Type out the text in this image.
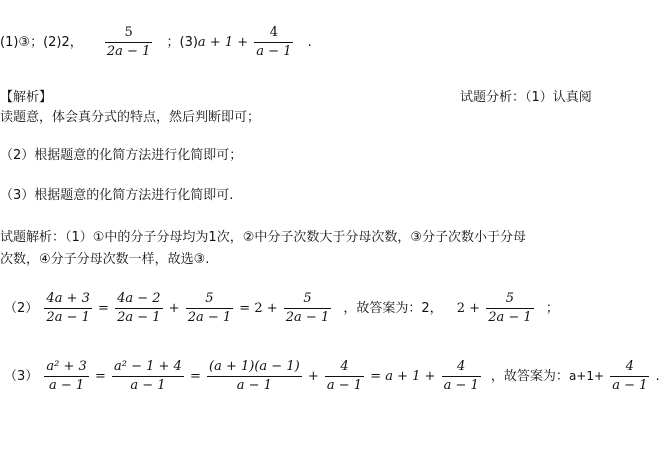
(1)③；(2)2， $\frac{5}{2a - 1}$ ；$(3)a + 1 + \frac{4}{a - 1}$ .
【解析】	试题分析：（1）认真阅
读题意，体会真分式的特点，然后判断即可；
（2）根据题意的化简方法进行化简即可；
（3）根据题意的化简方法进行化简即可.
试题解析：（1）①中的分子分母均为1次，②中分子次数大于分母次数，③分子次数小于分母
次数，④分子分母次数一样，故选③.
$(2) \frac{4a + 3}{2a - 1} = \frac{4a - 2}{2a - 1} + \frac{5}{2a - 1} = 2 + \frac{5}{2a - 1}$ ，故答案为：2， $2 + \frac{5}{2a - 1}$ ；
$(3) \frac{\text{a² + 3}}{a - 1} = \frac{\text{a² − 1 + 4}}{a - 1} = \frac{(a + 1)(a - 1)}{a - 1} + \frac{4}{a - 1} = a + 1 + \frac{4}{a - 1}$ ，故答案为：$a+1+ \frac{4}{a - 1}$ .
